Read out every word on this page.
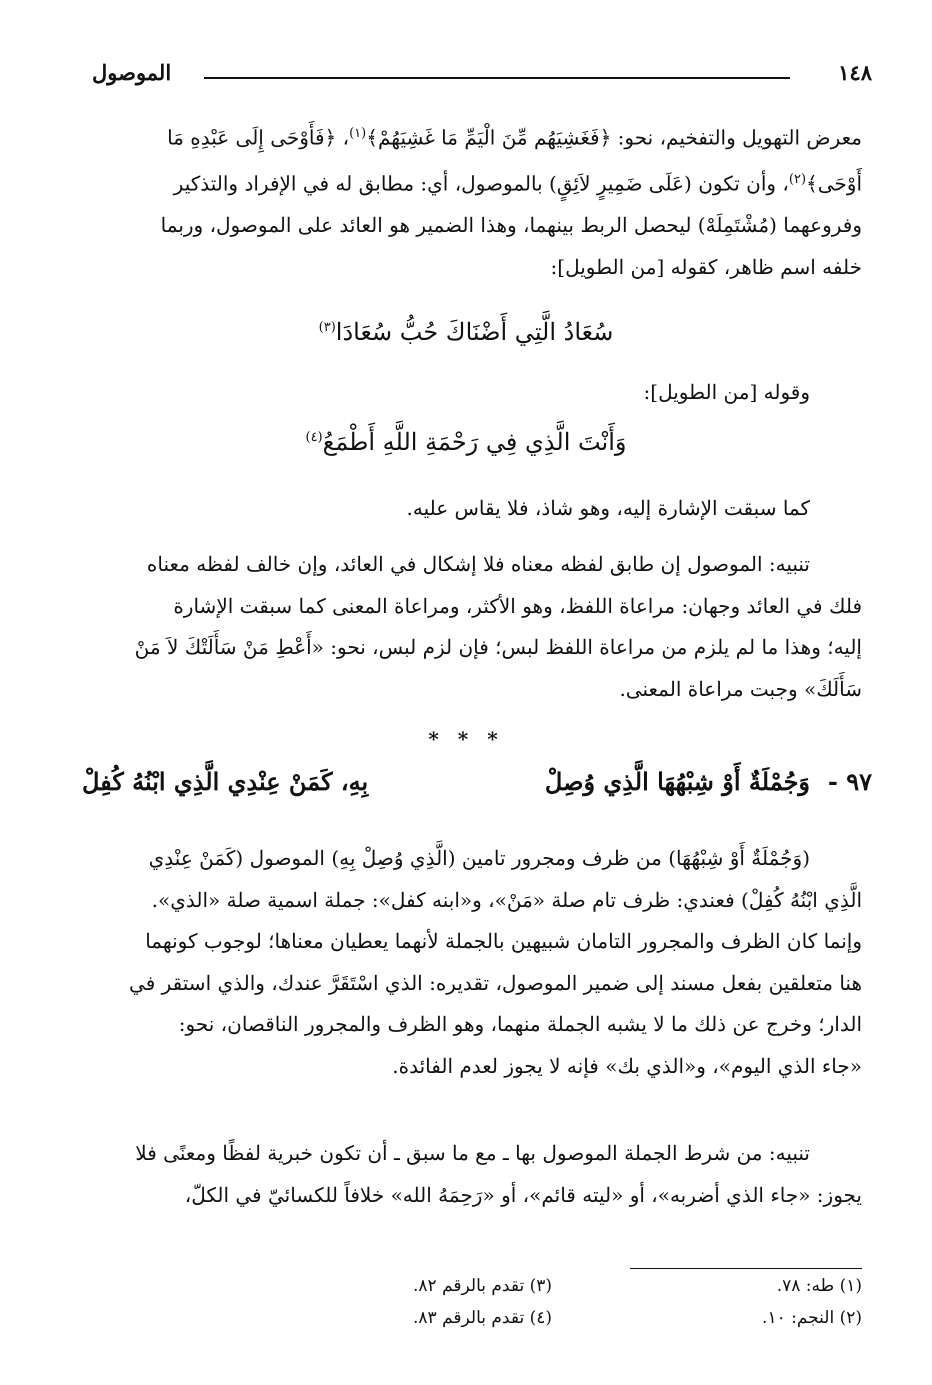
١٤٨
الموصول
معرض التهويل والتفخيم، نحو: ﴿فَغَشِيَهُم مِّنَ الْيَمِّ مَا غَشِيَهُمْ﴾$^{(١)}$، ﴿فَأَوْحَى إِلَى عَبْدِهِ مَا
أَوْحَى﴾$^{(٢)}$، وأن تكون (عَلَى ضَمِيرٍ لاَئِقٍ) بالموصول، أي: مطابق له في الإفراد والتذكير
وفروعهما (مُشْتَمِلَهْ) ليحصل الربط بينهما، وهذا الضمير هو العائد على الموصول، وربما
خلفه اسم ظاهر، كقوله [من الطويل]:
سُعَادُ الَّتِي أَضْنَاكَ حُبُّ سُعَادَا$^{(٣)}$
وقوله [من الطويل]:
وَأَنْتَ الَّذِي فِي رَحْمَةِ اللَّهِ أَطْمَعُ$^{(٤)}$
كما سبقت الإشارة إليه، وهو شاذ، فلا يقاس عليه.
تنبيه: الموصول إن طابق لفظه معناه فلا إشكال في العائد، وإن خالف لفظه معناه
فلك في العائد وجهان: مراعاة اللفظ، وهو الأكثر، ومراعاة المعنى كما سبقت الإشارة
إليه؛ وهذا ما لم يلزم من مراعاة اللفظ لبس؛ فإن لزم لبس، نحو: «أَعْطِ مَنْ سَأَلَتْكَ لاَ مَنْ
سَأَلَكَ» وجبت مراعاة المعنى.
* * *
٩٧ -
وَجُمْلَةٌ أَوْ شِبْهُهَا الَّذِي وُصِلْ
بِهِ، كَمَنْ عِنْدِي الَّذِي ابْنُهُ كُفِلْ
(وَجُمْلَةٌ أَوْ شِبْهُهَا) من ظرف ومجرور تامين (الَّذِي وُصِلْ بِهِ) الموصول (كَمَنْ عِنْدِي
الَّذِي ابْنُهُ كُفِلْ) فعندي: ظرف تام صلة «مَنْ»، و«ابنه كفل»: جملة اسمية صلة «الذي».
وإنما كان الظرف والمجرور التامان شبيهين بالجملة لأنهما يعطيان معناها؛ لوجوب كونهما
هنا متعلقين بفعل مسند إلى ضمير الموصول، تقديره: الذي اسْتَقَرَّ عندك، والذي استقر في
الدار؛ وخرج عن ذلك ما لا يشبه الجملة منهما، وهو الظرف والمجرور الناقصان، نحو:
«جاء الذي اليوم»، و«الذي بك» فإنه لا يجوز لعدم الفائدة.
تنبيه: من شرط الجملة الموصول بها ـ مع ما سبق ـ أن تكون خبرية لفظًا ومعنًى فلا
يجوز: «جاء الذي أضربه»، أو «ليته قائم»، أو «رَحِمَهُ الله» خلافاً للكسائيّ في الكلّ،
(١) طه: ٧٨.
(٢) النجم: ١٠.
(٣) تقدم بالرقم ٨٢.
(٤) تقدم بالرقم ٨٣.
